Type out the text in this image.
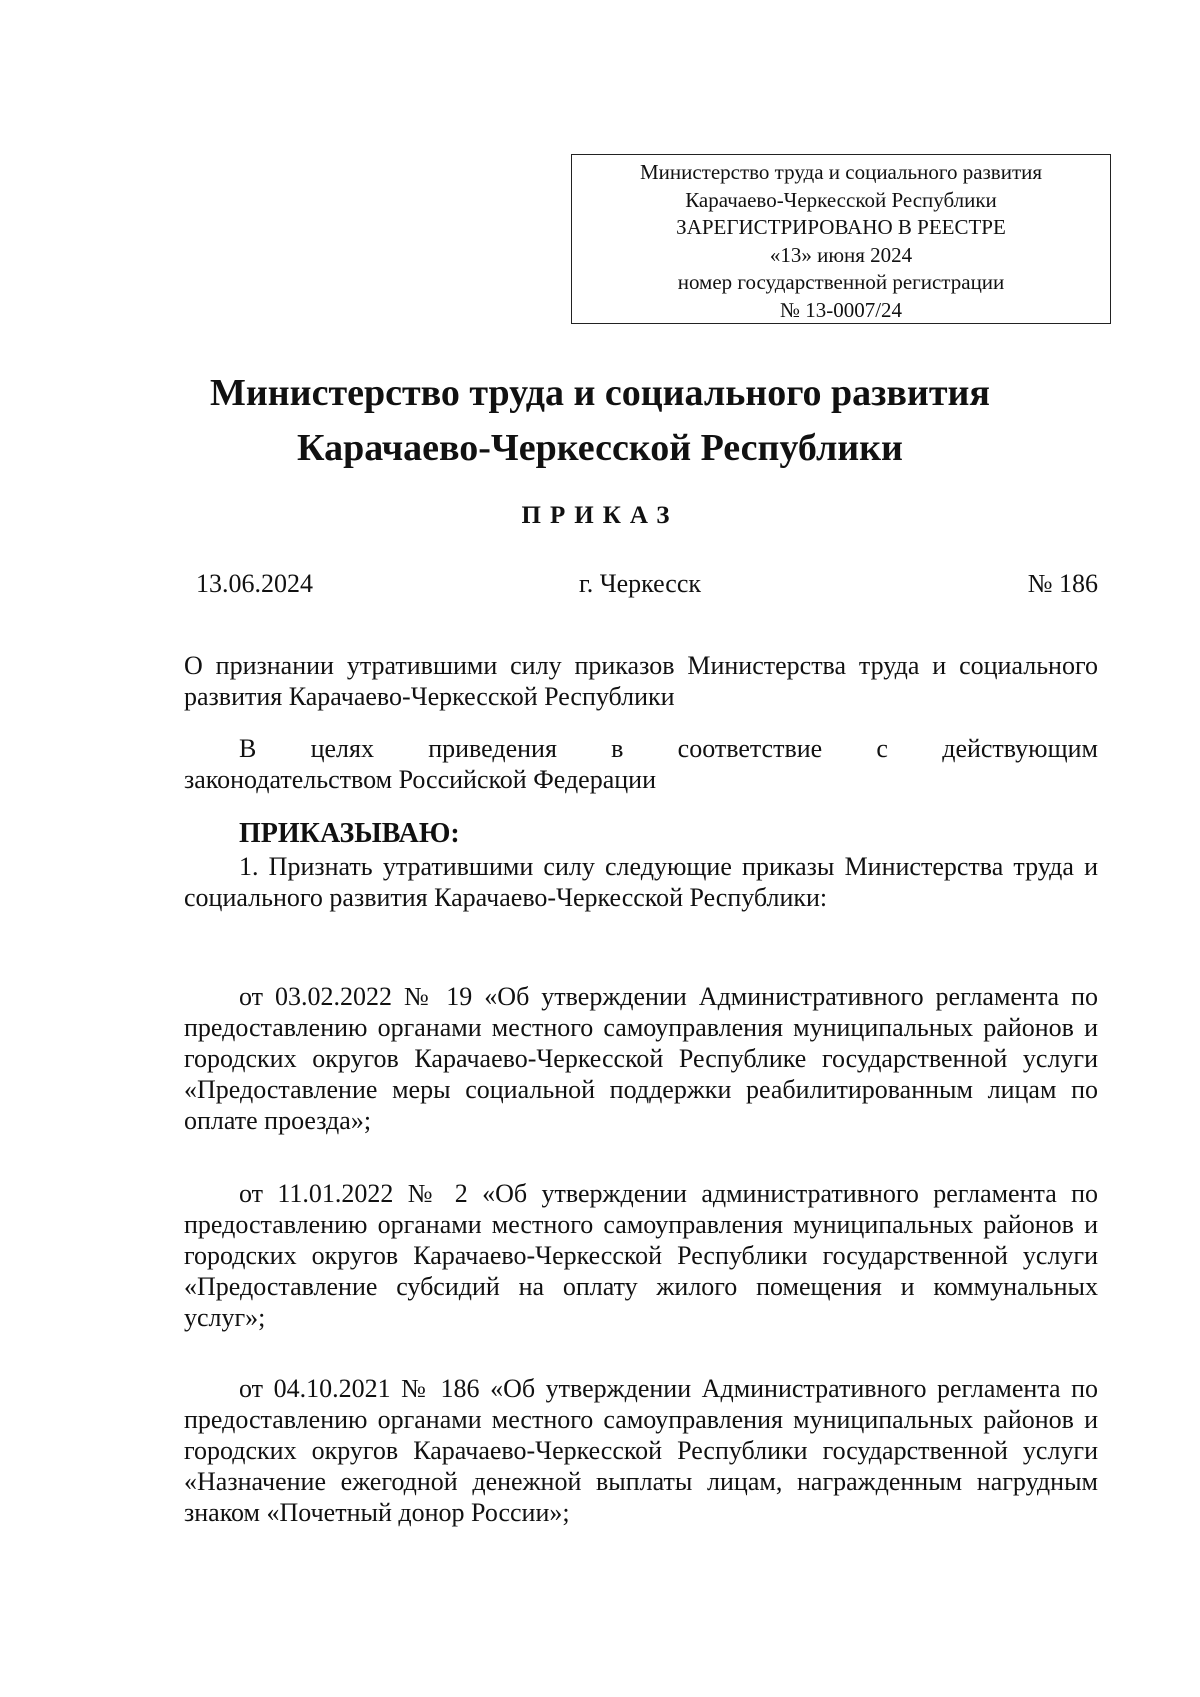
Министерство труда и социального развития
Карачаево-Черкесской Республики
ЗАРЕГИСТРИРОВАНО В РЕЕСТРЕ
«13» июня 2024
номер государственной регистрации
№ 13-0007/24
Министерство труда и социального развития
Карачаево-Черкесской Республики
ПРИКАЗ
13.06.2024	г. Черкесск	№ 186
О признании утратившими силу приказов Министерства труда и социального развития Карачаево-Черкесской Республики

В целях приведения в соответствие с действующим

законодательством Российской Федерации

ПРИКАЗЫВАЮ:
1. Признать утратившими силу следующие приказы Министерства труда и социального развития Карачаево-Черкесской Республики:
от 03.02.2022 № 19 «Об утверждении Административного регламента по предоставлению органами местного самоуправления муниципальных районов и городских округов Карачаево-Черкесской Республике государственной услуги «Предоставление меры социальной поддержки реабилитированным лицам по оплате проезда»;
от 11.01.2022 № 2 «Об утверждении административного регламента по предоставлению органами местного самоуправления муниципальных районов и городских округов Карачаево-Черкесской Республики государственной услуги «Предоставление субсидий на оплату жилого помещения и коммунальных услуг»;
от 04.10.2021 № 186 «Об утверждении Административного регламента по предоставлению органами местного самоуправления муниципальных районов и городских округов Карачаево-Черкесской Республики государственной услуги «Назначение ежегодной денежной выплаты лицам, награжденным нагрудным знаком «Почетный донор России»;
